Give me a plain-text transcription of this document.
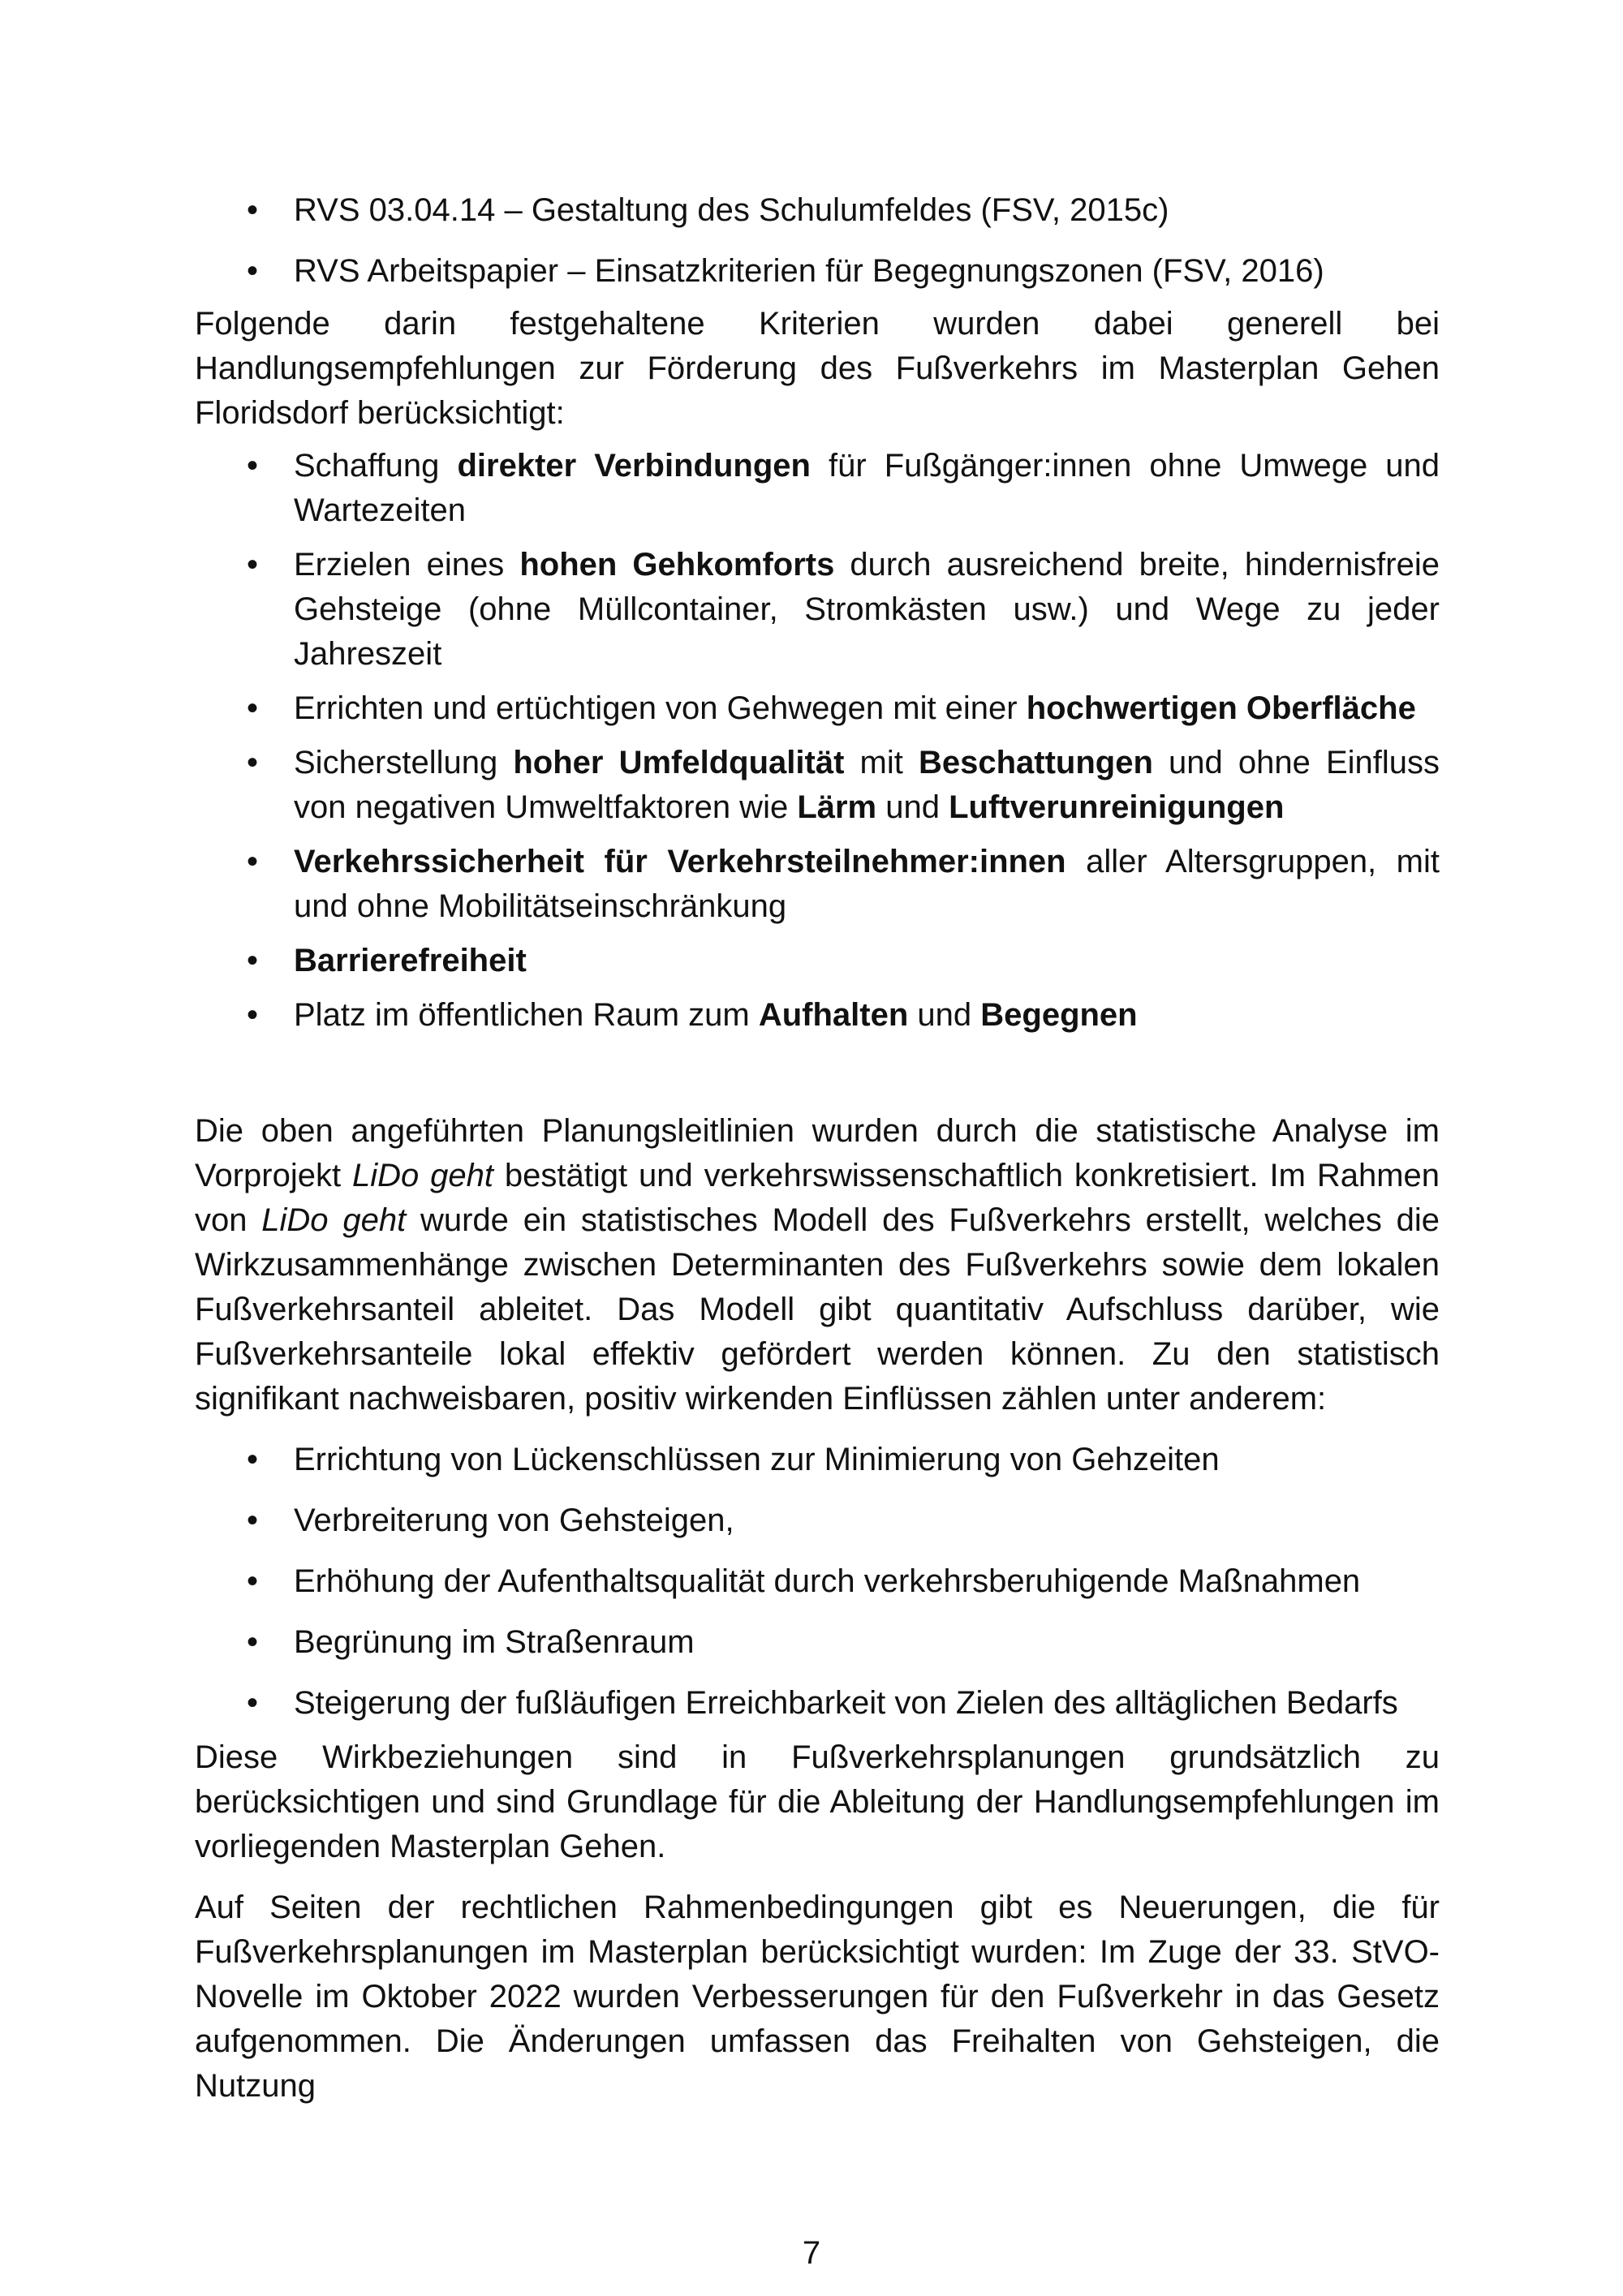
• RVS 03.04.14 – Gestaltung des Schulumfeldes (FSV, 2015c)
• RVS Arbeitspapier – Einsatzkriterien für Begegnungszonen (FSV, 2016)

Folgende darin festgehaltene Kriterien wurden dabei generell bei Handlungsempfehlungen zur Förderung des Fußverkehrs im Masterplan Gehen
Floridsdorf berücksichtigt:

• Schaffung direkter Verbindungen für Fußgänger:innen ohne Umwege und Wartezeiten
• Erzielen eines hohen Gehkomforts durch ausreichend breite, hindernisfreie Gehsteige (ohne Müllcontainer, Stromkästen usw.) und Wege zu jeder Jahreszeit
• Errichten und ertüchtigen von Gehwegen mit einer hochwertigen Oberfläche
• Sicherstellung hoher Umfeldqualität mit Beschattungen und ohne Einfluss von negativen Umweltfaktoren wie Lärm und Luftverunreinigungen
• Verkehrssicherheit für Verkehrsteilnehmer:innen aller Altersgruppen, mit und ohne Mobilitätseinschränkung
• Barrierefreiheit
• Platz im öffentlichen Raum zum Aufhalten und Begegnen

Die oben angeführten Planungsleitlinien wurden durch die statistische Analyse im Vorprojekt LiDo geht bestätigt und verkehrswissenschaftlich konkretisiert. Im Rahmen von LiDo geht wurde ein statistisches Modell des Fußverkehrs erstellt, welches die Wirkzusammenhänge zwischen Determinanten des Fußverkehrs sowie dem lokalen Fußverkehrsanteil ableitet. Das Modell gibt quantitativ Aufschluss darüber, wie Fußverkehrsanteile lokal effektiv gefördert werden können. Zu den statistisch signifikant nachweisbaren, positiv wirkenden Einflüssen zählen unter anderem:

• Errichtung von Lückenschlüssen zur Minimierung von Gehzeiten
• Verbreiterung von Gehsteigen,
• Erhöhung der Aufenthaltsqualität durch verkehrsberuhigende Maßnahmen
• Begrünung im Straßenraum
• Steigerung der fußläufigen Erreichbarkeit von Zielen des alltäglichen Bedarfs

Diese Wirkbeziehungen sind in Fußverkehrsplanungen grundsätzlich zu berücksichtigen und sind Grundlage für die Ableitung der Handlungsempfehlungen im vorliegenden Masterplan Gehen.

Auf Seiten der rechtlichen Rahmenbedingungen gibt es Neuerungen, die für Fußverkehrsplanungen im Masterplan berücksichtigt wurden: Im Zuge der 33. StVO-Novelle im Oktober 2022 wurden Verbesserungen für den Fußverkehr in das Gesetz aufgenommen. Die Änderungen umfassen das Freihalten von Gehsteigen, die Nutzung

7
